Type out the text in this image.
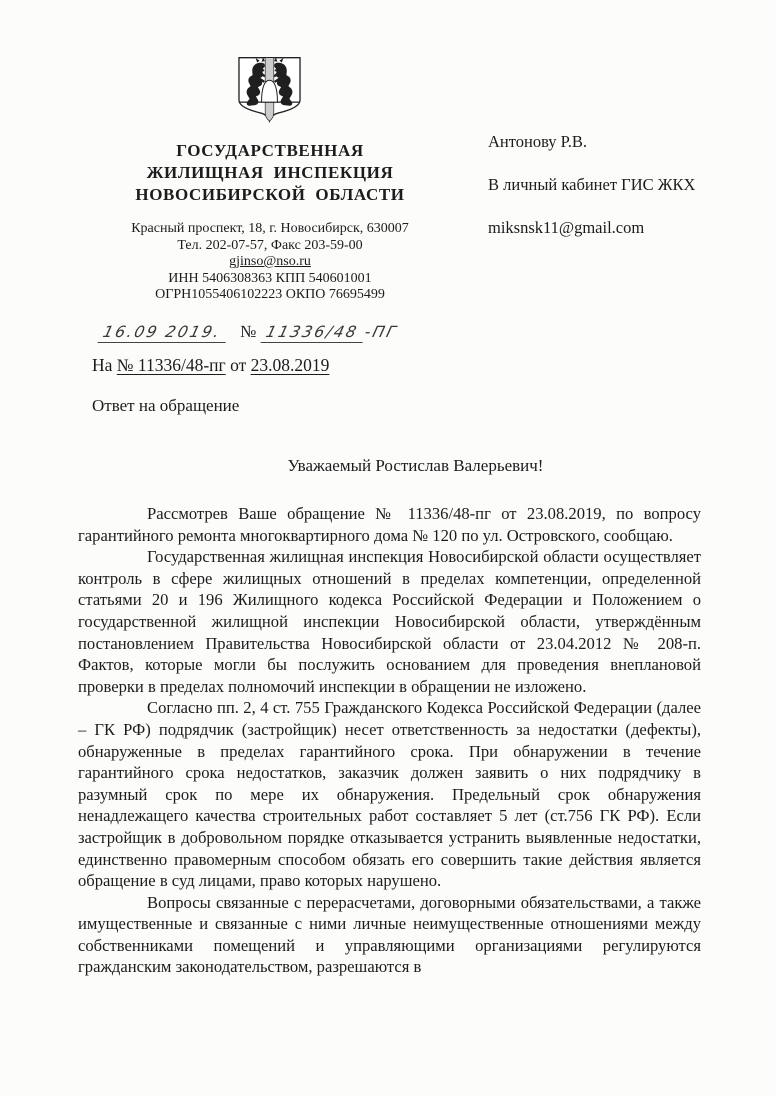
ГОСУДАРСТВЕННАЯ
ЖИЛИЩНАЯ ИНСПЕКЦИЯ
НОВОСИБИРСКОЙ ОБЛАСТИ
Красный проспект, 18, г. Новосибирск, 630007
Тел. 202-07-57, Факс 203-59-00
gjinso@nso.ru
ИНН 5406308363 КПП 540601001
ОГРН1055406102223 ОКПО 76695499
Антонову Р.В.
В личный кабинет ГИС ЖКХ
miksnsk11@gmail.com
16.09 2019. № 11336/48 -ПГ
На № 11336/48-пг от 23.08.2019
Ответ на обращение
Уважаемый Ростислав Валерьевич!

Рассмотрев Ваше обращение № 11336/48-пг от 23.08.2019, по вопросу гарантийного ремонта многоквартирного дома № 120 по ул. Островского, сообщаю.

Государственная жилищная инспекция Новосибирской области осуществляет контроль в сфере жилищных отношений в пределах компетенции, определенной статьями 20 и 196 Жилищного кодекса Российской Федерации и Положением о государственной жилищной инспекции Новосибирской области, утверждённым постановлением Правительства Новосибирской области от 23.04.2012 № 208-п. Фактов, которые могли бы послужить основанием для проведения внеплановой проверки в пределах полномочий инспекции в обращении не изложено.

Согласно пп. 2, 4 ст. 755 Гражданского Кодекса Российской Федерации (далее – ГК РФ) подрядчик (застройщик) несет ответственность за недостатки (дефекты), обнаруженные в пределах гарантийного срока. При обнаружении в течение гарантийного срока недостатков, заказчик должен заявить о них подрядчику в разумный срок по мере их обнаружения. Предельный срок обнаружения ненадлежащего качества строительных работ составляет 5 лет (ст.756 ГК РФ). Если застройщик в добровольном порядке отказывается устранить выявленные недостатки, единственно правомерным способом обязать его совершить такие действия является обращение в суд лицами, право которых нарушено.

Вопросы связанные с перерасчетами, договорными обязательствами, а также имущественные и связанные с ними личные неимущественные отношениями между собственниками помещений и управляющими организациями регулируются гражданским законодательством, разрешаются в
